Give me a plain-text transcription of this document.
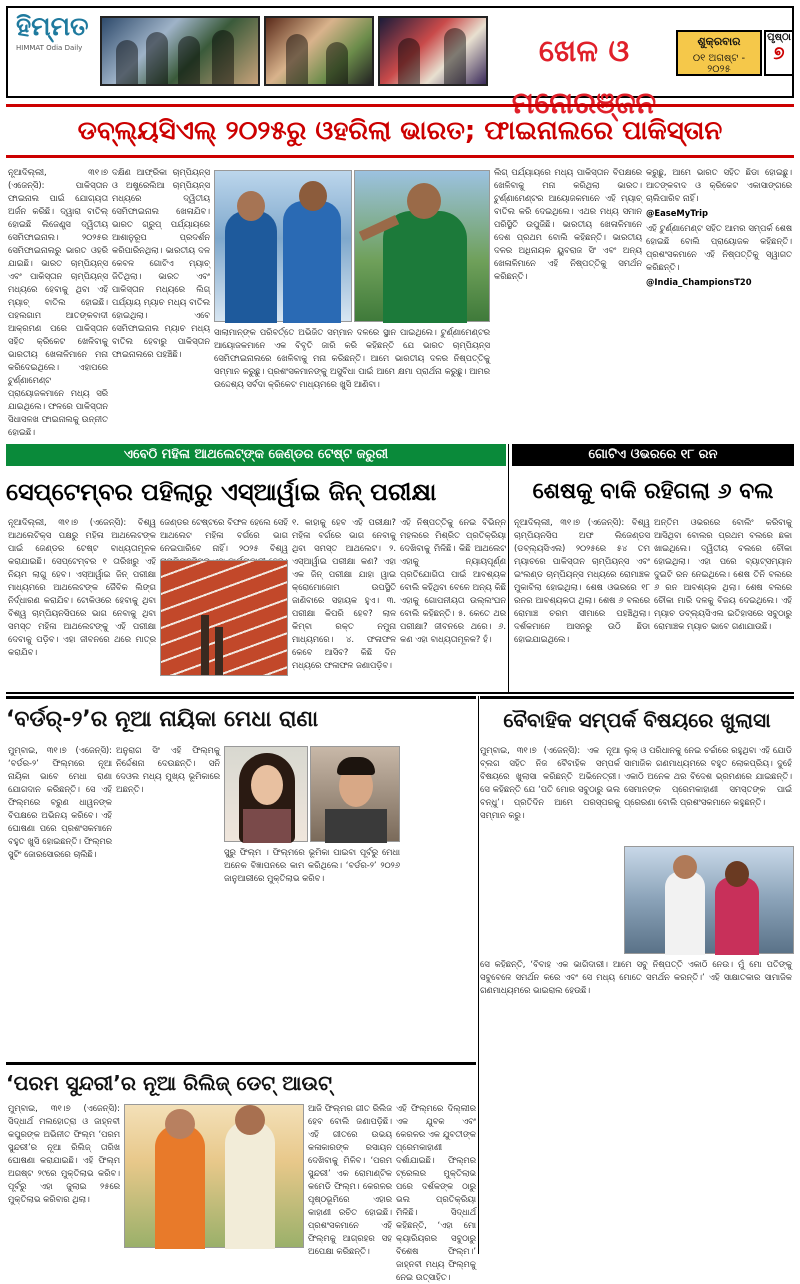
ହିମ୍ମତ
HIMMAT Odia Daily	ଖେଳ ଓ ମନୋରଞ୍ଜନ
ଶୁକ୍ରବାର
୦୧ ଅଗଷ୍ଟ - ୨୦୨୫
ପୃଷ୍ଠା
୭
ଡବ୍ଲ୍ୟସିଏଲ୍ ୨୦୨୫ରୁ ଓହରିଲା ଭାରତ; ଫାଇନାଲରେ ପାକିସ୍ତାନ

ନୂଆଦିଲ୍ଲୀ, ୩୧।୭ (ଏଜେନ୍ସି): ପାକିସ୍ତାନ ଫାଇନାଲ ପାଇଁ ଯୋଗ୍ୟତା ଅର୍ଜନ କରିଛି। ଦ୍ୱାରା ବାତିଲ୍ ହୋଇଛି ଲିଜେଣ୍ଡ୍ସ ଦ୍ୱିତୀୟ ସେମିଫାଇନାଲ। ୨୦୨୫ର ସେମିଫାଇନାଲରୁ ଭାରତ ଓହରି ଯାଇଛି। ଭାରତ ଚାମ୍ପିୟନ୍ସ ଏବଂ ପାକିସ୍ତାନ ଚାମ୍ପିୟନ୍ସ ମଧ୍ୟରେ ହେବାକୁ ଥିବା ଏହି ମ୍ୟାଚ୍ ବାତିଲ ହୋଇଛି। ପହଲଗାମ ଆତଙ୍କବାଦୀ ଆକ୍ରମଣ ପରେ ପାକିସ୍ତାନ ସହିତ କ୍ରିକେଟ ଖେଳିବାକୁ ଭାରତୀୟ ଖେଳାଳିମାନେ ମନା କରିଦେଇଥିଲେ। ଏହାପରେ ଟୁର୍ଣ୍ଣାମେଣ୍ଟ ପ୍ରାୟୋଜକମାନେ ମଧ୍ୟ ସରି ଯାଇଥିଲେ। ଫଳରେ ପାକିସ୍ତାନ ସିଧାସଳଖ ଫାଇନାଲକୁ ଉନ୍ନୀତ ହୋଇଛି।

ଦକ୍ଷିଣ ଆଫ୍ରିକା ଚାମ୍ପିୟନ୍ସ ଓ ଅଷ୍ଟ୍ରେଲିଆ ଚାମ୍ପିୟନ୍ସ ମଧ୍ୟରେ ଦ୍ୱିତୀୟ ସେମିଫାଇନାଲ ଖେଳାଯିବ। ଭାରତ ଗ୍ରୁପ୍ ପର୍ଯ୍ୟାୟରେ ଆଶାନୁରୂପ ପ୍ରଦର୍ଶନ କରିପାରିନଥିଲା। ଭାରତୀୟ ଦଳ କେବଳ ଗୋଟିଏ ମ୍ୟାଚ୍ ଜିତିଥିଲା। ଭାରତ ଏବଂ ପାକିସ୍ତାନ ମଧ୍ୟରେ ଲିଗ୍ ପର୍ଯ୍ୟାୟ ମ୍ୟାଚ ମଧ୍ୟ ବାତିଲ ହୋଇଥିଲା। ଏବେ ସେମିଫାଇନାଲ ମ୍ୟାଚ ମଧ୍ୟ ବାତିଲ ହେବାରୁ ପାକିସ୍ତାନ ଫାଇନାଲରେ ପହଞ୍ଚିଛି।

ସାଲାମାନ୍ଙ୍କ ପରିବର୍ତ୍ତେ ଅଭିଜିତ ସମ୍ମାନ ଦଳରେ ସ୍ଥାନ ପାଇଥିଲେ। ଟୁର୍ଣ୍ଣାମେଣ୍ଟର ଆୟୋଜକମାନେ ଏକ ବିବୃତି ଜାରି କରି କହିଛନ୍ତି ଯେ ଭାରତ ଚାମ୍ପିୟନ୍ସ ସେମିଫାଇନାଲରେ ଖେଳିବାକୁ ମନା କରିଛନ୍ତି। ଆମେ ଭାରତୀୟ ଦଳର ନିଷ୍ପତ୍ତିକୁ ସମ୍ମାନ କରୁଛୁ। ପ୍ରଶଂସକମାନଙ୍କୁ ଅସୁବିଧା ପାଇଁ ଆମେ କ୍ଷମା ପ୍ରାର୍ଥନା କରୁଛୁ। ଆମର ଉଦ୍ଦେଶ୍ୟ ସର୍ବଦା କ୍ରିକେଟ ମାଧ୍ୟମରେ ଖୁସି ଆଣିବା।

ଲିଗ୍ ପର୍ଯ୍ୟାୟରେ ମଧ୍ୟ ପାକିସ୍ତାନ ବିପକ୍ଷରେ ଖେଳିବାକୁ ମନା କରିଥିଲା ଭାରତ। ଟୁର୍ଣ୍ଣାମେଣ୍ଟର ଆୟୋଜକମାନେ ଏହି ମ୍ୟାଚ୍ ବାତିଲ କରି ଦେଇଥିଲେ। ଏଥର ମଧ୍ୟ ସମାନ ପରିସ୍ଥିତି ଉପୁଜିଛି। ଭାରତୀୟ ଖେଳାଳିମାନେ ଦେଶ ପ୍ରଥମ ବୋଲି କହିଛନ୍ତି। ଭାରତୀୟ ଦଳର ଅଧିନାୟକ ୟୁବରାଜ ସିଂ ଏବଂ ଅନ୍ୟ ଖେଳାଳିମାନେ ଏହି ନିଷ୍ପତ୍ତିକୁ ସମର୍ଥନ କରିଛନ୍ତି।

କରୁଛୁ, ଆମେ ଭାରତ ସହିତ ଛିଡା ହୋଇଛୁ। ଆତଙ୍କବାଦ ଓ କ୍ରିକେଟ ଏକାସାଙ୍ଗରେ ଚାଲିପାରିବ ନାହିଁ।

@EaseMyTrip

ଏହି ଟୁର୍ଣ୍ଣାମେଣ୍ଟ ସହିତ ଆମର ସମ୍ପର୍କ ଶେଷ ହୋଇଛି ବୋଲି ପ୍ରାୟୋଜକ କହିଛନ୍ତି। ପ୍ରଶଂସକମାନେ ଏହି ନିଷ୍ପତ୍ତିକୁ ସ୍ୱାଗତ କରିଛନ୍ତି।

@India_ChampionsT20

ଏବେଠି ମହିଳା ଆଥଲେଟ୍ଙ୍କ ଜେଣ୍ଡର ଟେଷ୍ଟ ଜରୁରୀ
ସେପ୍ଟେମ୍ବର ପହିଲାରୁ ଏସ୍ଆର୍ୱାଇ ଜିନ୍ ପରୀକ୍ଷା

ନୂଆଦିଲ୍ଲୀ, ୩୧।୭ (ଏଜେନ୍ସି): ବିଶ୍ୱ ଆଥଲେଟିକ୍ସ ପକ୍ଷରୁ ମହିଳା ଆଥଲେଟଙ୍କ ପାଇଁ ଜେଣ୍ଡର ଟେଷ୍ଟ ବାଧ୍ୟତାମୂଳକ କରାଯାଇଛି। ସେପ୍ଟେମ୍ବର ୧ ତାରିଖରୁ ଏହି ନିୟମ ଲାଗୁ ହେବ। ଏସ୍ଆର୍ୱାଇ ଜିନ୍ ପରୀକ୍ଷା ମାଧ୍ୟମରେ ଆଥଲେଟଙ୍କ ଜୈବିକ ଲିଙ୍ଗ ନିର୍ଦ୍ଧାରଣ କରାଯିବ। ଟୋକିଓରେ ହେବାକୁ ଥିବା ବିଶ୍ୱ ଚାମ୍ପିୟନସିପରେ ଭାଗ ନେବାକୁ ଥିବା ସମସ୍ତ ମହିଳା ଆଥଲେଟଙ୍କୁ ଏହି ପରୀକ୍ଷା ଦେବାକୁ ପଡ଼ିବ। ଏହା ଜୀବନରେ ଥରେ ମାତ୍ର କରାଯିବ।

ଜେଣ୍ଡର ଟେଷ୍ଟରେ ବିଫଳ ହେଲେ ସେହି ଆଥଲେଟ ମହିଳା ବର୍ଗରେ ଭାଗ ନେଇପାରିବେ ନାହିଁ। ୨୦୨୫ ବିଶ୍ୱ

୧. କାହାକୁ ହେବ ଏହି ପରୀକ୍ଷା? ମହିଳା ବର୍ଗରେ ଭାଗ ନେବାକୁ ଥିବା ସମସ୍ତ ଆଥଲେଟ। ୨. ଏସ୍ଆର୍ୱାଇ ପରୀକ୍ଷା କଣ? ଏହା ଏକ ଜିନ୍ ପରୀକ୍ଷା ଯାହା ୱାଇ କ୍ରୋମୋଜୋମ ଉପସ୍ଥିତି ଜାଣିବାରେ ସହାୟକ ହୁଏ। ୩. ପରୀକ୍ଷା କିପରି ହେବ? ଲାଳ କିମ୍ବା ରକ୍ତ ନମୁନା ମାଧ୍ୟମରେ। ୪. ଫଳାଫଳ କେବେ ଆସିବ? କିଛି ଦିନ ମଧ୍ୟରେ ଫଳାଫଳ ଜଣାପଡ଼ିବ।

ଏହି ନିଷ୍ପତ୍ତିକୁ ନେଇ ବିଭିନ୍ନ ମହଲରେ ମିଶ୍ରିତ ପ୍ରତିକ୍ରିୟା ଦେଖିବାକୁ ମିଳିଛି। କିଛି ଆଥଲେଟ ଏହାକୁ ନ୍ୟାୟପୂର୍ଣ୍ଣ ପ୍ରତିଯୋଗିତା ପାଇଁ ଆବଶ୍ୟକ ବୋଲି କହିଥିବା ବେଳେ ଅନ୍ୟ କିଛି ଏହାକୁ ଗୋପନୀୟତା ଉଲ୍ଲଂଘନ ବୋଲି କହିଛନ୍ତି। ୫. କେତେ ଥର ପରୀକ୍ଷା? ଜୀବନରେ ଥରେ। ୬. କଣ ଏହା ବାଧ୍ୟତାମୂଳକ? ହଁ।

ଗୋଟିଏ ଓଭରରେ ୧୮ ରନ
ଶେଷକୁ ବାକି ରହିଗଲା ୬ ବଲ

ନୂଆଦିଲ୍ଲୀ, ୩୧।୭ (ଏଜେନ୍ସି): ବିଶ୍ୱ ଚାମ୍ପିୟନସିପ ଅଫ ଲିଜେଣ୍ଡସ (ଡବ୍ଲ୍ୟସିଏଲ) ୨୦୨୫ରେ ୫୪ ତମ ମ୍ୟାଚରେ ପାକିସ୍ତାନ ଚାମ୍ପିୟନ୍ସ ଏବଂ ଇଂଲଣ୍ଡ ଚାମ୍ପିୟନ୍ସ ମଧ୍ୟରେ ରୋମାଞ୍ଚକ ମୁକାବିଲା ହୋଇଥିଲା। ଶେଷ ଓଭରରେ ୧୮ ରନର ଆବଶ୍ୟକତା ଥିଲା। ଶେଷ ୬ ବଲରେ ରୋମାଞ୍ଚ ଚରମ ସୀମାରେ ପହଞ୍ଚିଥିଲା। ଦର୍ଶକମାନେ ଆସନରୁ ଉଠି ଛିଡା ହୋଇଯାଇଥିଲେ।

ଅନ୍ତିମ ଓଭରରେ ବୋଲିଂ କରିବାକୁ ଆସିଥିବା ବୋଲର ପ୍ରଥମ ବଲରେ ଛକା ଖାଇଥିଲେ। ଦ୍ୱିତୀୟ ବଲରେ ଚୌକା ହୋଇଥିଲା। ଏହା ପରେ ବ୍ୟାଟ୍ସମ୍ୟାନ ଦୁଇଟି ରନ ନେଇଥିଲେ। ଶେଷ ତିନି ବଲରେ ୬ ରନ ଆବଶ୍ୟକ ଥିଲା। ଶେଷ ବଲରେ ଚୌକା ମାରି ଦଳକୁ ବିଜୟ ଦେଇଥିଲେ। ଏହି ମ୍ୟାଚ ଡବ୍ଲ୍ୟସିଏଲ ଇତିହାସରେ ସବୁଠାରୁ ରୋମାଞ୍ଚକ ମ୍ୟାଚ ଭାବେ ଗଣାଯାଉଛି।

‘ବର୍ଡର୍-୨’ର ନୂଆ ନାୟିକା ମେଧା ରାଣା

ମୁମ୍ବାଇ, ୩୧।୭ (ଏଜେନ୍ସି): ‘ବର୍ଡର-୨’ ଫିଲ୍ମରେ ନୂଆ ନାୟିକା ଭାବେ ମେଧା ରାଣା ଯୋଗଦାନ କରିଛନ୍ତି। ସେ ଏହି ଫିଲ୍ମରେ ବରୁଣ ଧାୱନଙ୍କ ବିପକ୍ଷରେ ଅଭିନୟ କରିବେ। ଏହି ଘୋଷଣା ପରେ ପ୍ରଶଂସକମାନେ ବହୁତ ଖୁସି ହୋଇଛନ୍ତି। ଫିଲ୍ମର ସୁଟିଂ ଜୋରସୋରରେ ଚାଲିଛି।

ଅନୁରାଗ ସିଂ ଏହି ଫିଲ୍ମକୁ ନିର୍ଦ୍ଦେଶନା ଦେଉଛନ୍ତି। ସନି ଦେଓଲ ମଧ୍ୟ ମୁଖ୍ୟ ଭୂମିକାରେ ଅଛନ୍ତି।

ସୁରୁ ଫିଲ୍ମ । ଫିଲ୍ମରେ ଭୂମିକା ପାଇବା ପୂର୍ବରୁ ମେଧା ଅନେକ ବିଜ୍ଞାପନରେ କାମ କରିଥିଲେ। ‘ବର୍ଡର-୨’ ୨୦୨୬ ଜାନୁଆରୀରେ ମୁକ୍ତିଲାଭ କରିବ।

ବୈବାହିକ ସମ୍ପର୍କ ବିଷୟରେ ଖୁଲାସା

ମୁମ୍ବାଇ, ୩୧।୭ (ଏଜେନ୍ସି): ଏକ ନୂଆ ବ୍ଲଗ ସହିତ ନିଜ ବୈବାହିକ ସମ୍ପର୍କ ବିଷୟରେ ଖୁଲାସା କରିଛନ୍ତି ଅଭିନେତ୍ରୀ। ସେ କହିଛନ୍ତି ଯେ ‘ପତି ମୋର ସବୁଠାରୁ ଭଲ ବନ୍ଧୁ’। ପ୍ରତିଦିନ ଆମେ ପରସ୍ପରକୁ ସମ୍ମାନ କରୁ।

ଲୁକ୍ ଓ ପରିଧାନକୁ ନେଇ ଚର୍ଚ୍ଚାରେ ରହୁଥିବା ଏହି ଯୋଡି ସାମାଜିକ ଗଣମାଧ୍ୟମରେ ବହୁତ ଲୋକପ୍ରିୟ। ଦୁହେଁ ଏକାଠି ଅନେକ ଥର ବିଦେଶ ଭ୍ରମଣରେ ଯାଇଛନ୍ତି। ସେମାନଙ୍କ ପ୍ରେମକାହାଣୀ ସମସ୍ତଙ୍କ ପାଇଁ ପ୍ରେରଣା ବୋଲି ପ୍ରଶଂସକମାନେ କହୁଛନ୍ତି।

ସେ କହିଛନ୍ତି, ‘ବିବାହ ଏକ ଭାଗିଦାରୀ। ଆମେ ସବୁ ନିଷ୍ପତ୍ତି ଏକାଠି ନେଉ। ମୁଁ ମୋ ପତିଙ୍କୁ ସବୁବେଳେ ସମର୍ଥନ କରେ ଏବଂ ସେ ମଧ୍ୟ ମୋତେ ସମର୍ଥନ କରନ୍ତି।’ ଏହି ସାକ୍ଷାତକାର ସାମାଜିକ ଗଣମାଧ୍ୟମରେ ଭାଇରାଲ ହେଉଛି।

‘ପରମ ସୁନ୍ଦରୀ’ର ନୂଆ ରିଲିଜ୍ ଡେଟ୍ ଆଉଟ୍

ମୁମ୍ବାଇ, ୩୧।୭ (ଏଜେନ୍ସି): ସିଦ୍ଧାର୍ଥ ମଲହୋତ୍ରା ଓ ଜାହ୍ନବୀ କପୁରଙ୍କ ଅଭିନୀତ ଫିଲ୍ମ ‘ପରମ ସୁନ୍ଦରୀ’ର ନୂଆ ରିଲିଜ୍ ତାରିଖ ଘୋଷଣା କରାଯାଇଛି। ଏହି ଫିଲ୍ମ ଅଗଷ୍ଟ ୨୯ରେ ମୁକ୍ତିଲାଭ କରିବ। ପୂର୍ବରୁ ଏହା ଜୁଲାଇ ୨୫ରେ ମୁକ୍ତିଲାଭ କରିବାର ଥିଲା।

ଆଜି ଫିଲ୍ମର ଗୀତ ରିଲିଜ ହେବ ବୋଲି ଜଣାପଡ଼ିଛି। ଏହି ଗୀତରେ ଉଭୟ କଳାକାରଙ୍କ ରସାୟନ ଦେଖିବାକୁ ମିଳିବ। ‘ପରମ ସୁନ୍ଦରୀ’ ଏକ ରୋମାଣ୍ଟିକ କମେଡି ଫିଲ୍ମ। କେରଳର ପୃଷ୍ଠଭୂମିରେ ଏହାର କାହାଣୀ ରଚିତ ହୋଇଛି। ପ୍ରଶଂସକମାନେ ଏହି ଫିଲ୍ମକୁ ଆଗ୍ରହର ସହ ଅପେକ୍ଷା କରିଛନ୍ତି।

ଏହି ଫିଲ୍ମରେ ଦିଲ୍ଲୀର ଏକ ଯୁବକ ଏବଂ କେରଳର ଏକ ଯୁବତୀଙ୍କ ପ୍ରେମକାହାଣୀ ଦର୍ଶାଯାଇଛି। ଫିଲ୍ମର ଟ୍ରେଲର ମୁକ୍ତିଲାଭ ପରେ ଦର୍ଶକଙ୍କ ଠାରୁ ଭଲ ପ୍ରତିକ୍ରିୟା ମିଳିଛି। ସିଦ୍ଧାର୍ଥ କହିଛନ୍ତି, ‘ଏହା ମୋ କ୍ୟାରିୟରର ସବୁଠାରୁ ବିଶେଷ ଫିଲ୍ମ।’ ଜାହ୍ନବୀ ମଧ୍ୟ ଫିଲ୍ମକୁ ନେଇ ଉତ୍ସାହିତ।
